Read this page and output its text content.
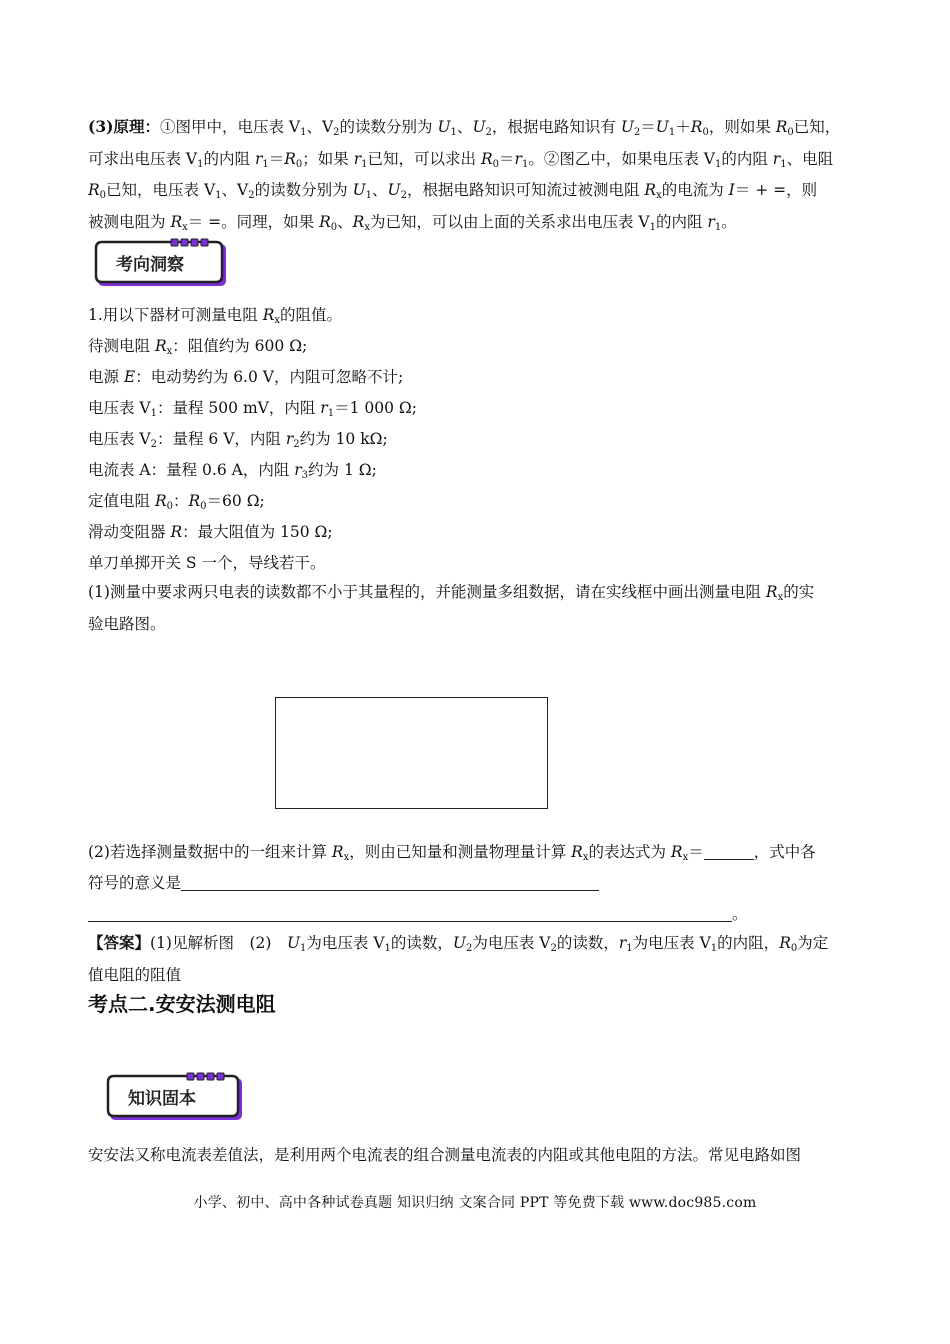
(3)原理：①图甲中，电压表 $V_1$、$V_2$的读数分别为 $U_1$、$U_2$，根据电路知识有 $U_2=U_1+R_0$，则如果 $R_0$已知，
可求出电压表 $V_1$的内阻 $r_1=R_0$；如果 $r_1$已知，可以求出 $R_0=r_1$。②图乙中，如果电压表 $V_1$的内阻 $r_1$、电阻
$R_0$已知，电压表 $V_1$、$V_2$的读数分别为 $U_1$、$U_2$，根据电路知识可知流过被测电阻 $R_x$的电流为 I＝ + =，则
被测电阻为 $R_x=$ =。同理，如果 $R_0$、$R_x$为已知，可以由上面的关系求出电压表 $V_1$的内阻 $r_1$。
考向洞察
1.用以下器材可测量电阻 $R_x$的阻值。
待测电阻 $R_x$：阻值约为 600 Ω;
电源 E：电动势约为 6.0 V，内阻可忽略不计;
电压表 $V_1$：量程 500 mV，内阻 $r_1=1$ 000 Ω;
电压表 $V_2$：量程 6 V，内阻 $r_2$约为 10 kΩ;
电流表 A：量程 0.6 A，内阻 $r_3$约为 1 Ω;
定值电阻 $R_0$：$R_0=60$ Ω;
滑动变阻器 R：最大阻值为 150 Ω;
单刀单掷开关 S 一个，导线若干。
(1)测量中要求两只电表的读数都不小于其量程的，并能测量多组数据，请在实线框中画出测量电阻 $R_x$的实
验电路图。
(2)若选择测量数据中的一组来计算 $R_x$，则由已知量和测量物理量计算 $R_x$的表达式为 $R_x=$	，式中各
符号的意义是
。
【答案】(1)见解析图　(2)　$U_1$为电压表 $V_1$的读数，$U_2$为电压表 $V_2$的读数，$r_1$为电压表 $V_1$的内阻，$R_0$为定
值电阻的阻值
考点二.安安法测电阻
知识固本
安安法又称电流表差值法，是利用两个电流表的组合测量电流表的内阻或其他电阻的方法。常见电路如图
小学、初中、高中各种试卷真题 知识归纳 文案合同 PPT 等免费下载 www.doc985.com
